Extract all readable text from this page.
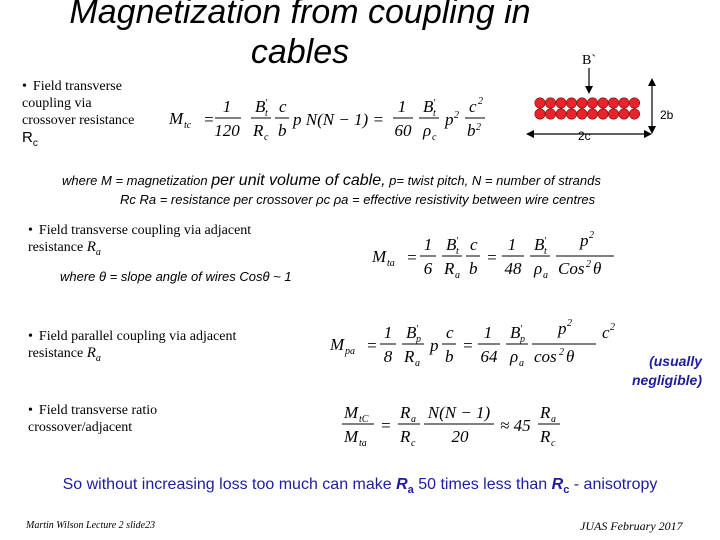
Magnetization from coupling in cables	B`
2b
2c
• Field transverse coupling via crossover resistance $R_c$
M tc =
1
120
B ′
t
R c
c
b
p N(N − 1) =
1
60
B ′
t
ρ c
p 2 c 2
b 2
where M = magnetization per unit volume of cable, p= twist pitch, N = number of strands
Rc Ra = resistance per crossover ρc ρa = effective resistivity between wire centres
• Field transverse coupling via adjacent resistance $R_a$
where θ = slope angle of wires Cosθ ~ 1
M ta =
1
6
B ′
t
R a
c
b
=
1
48
B ′
t
ρ a
p 2
Cos 2 θ
• Field parallel coupling via adjacent resistance $R_a$
M pa =
1
8
B ′
p
R a
p
c
b
=
1
64
B ′
p
ρ a
p 2
cos 2 θ
c 2
(usually negligible)
• Field transverse ratio crossover/adjacent
M tC
M ta
=
R a
R c
N(N − 1)
20
≈ 45
R a
R c
So without increasing loss too much can make $R_a$ 50 times less than $R_c$ - anisotropy
Martin Wilson Lecture 2 slide23	JUAS February 2017
